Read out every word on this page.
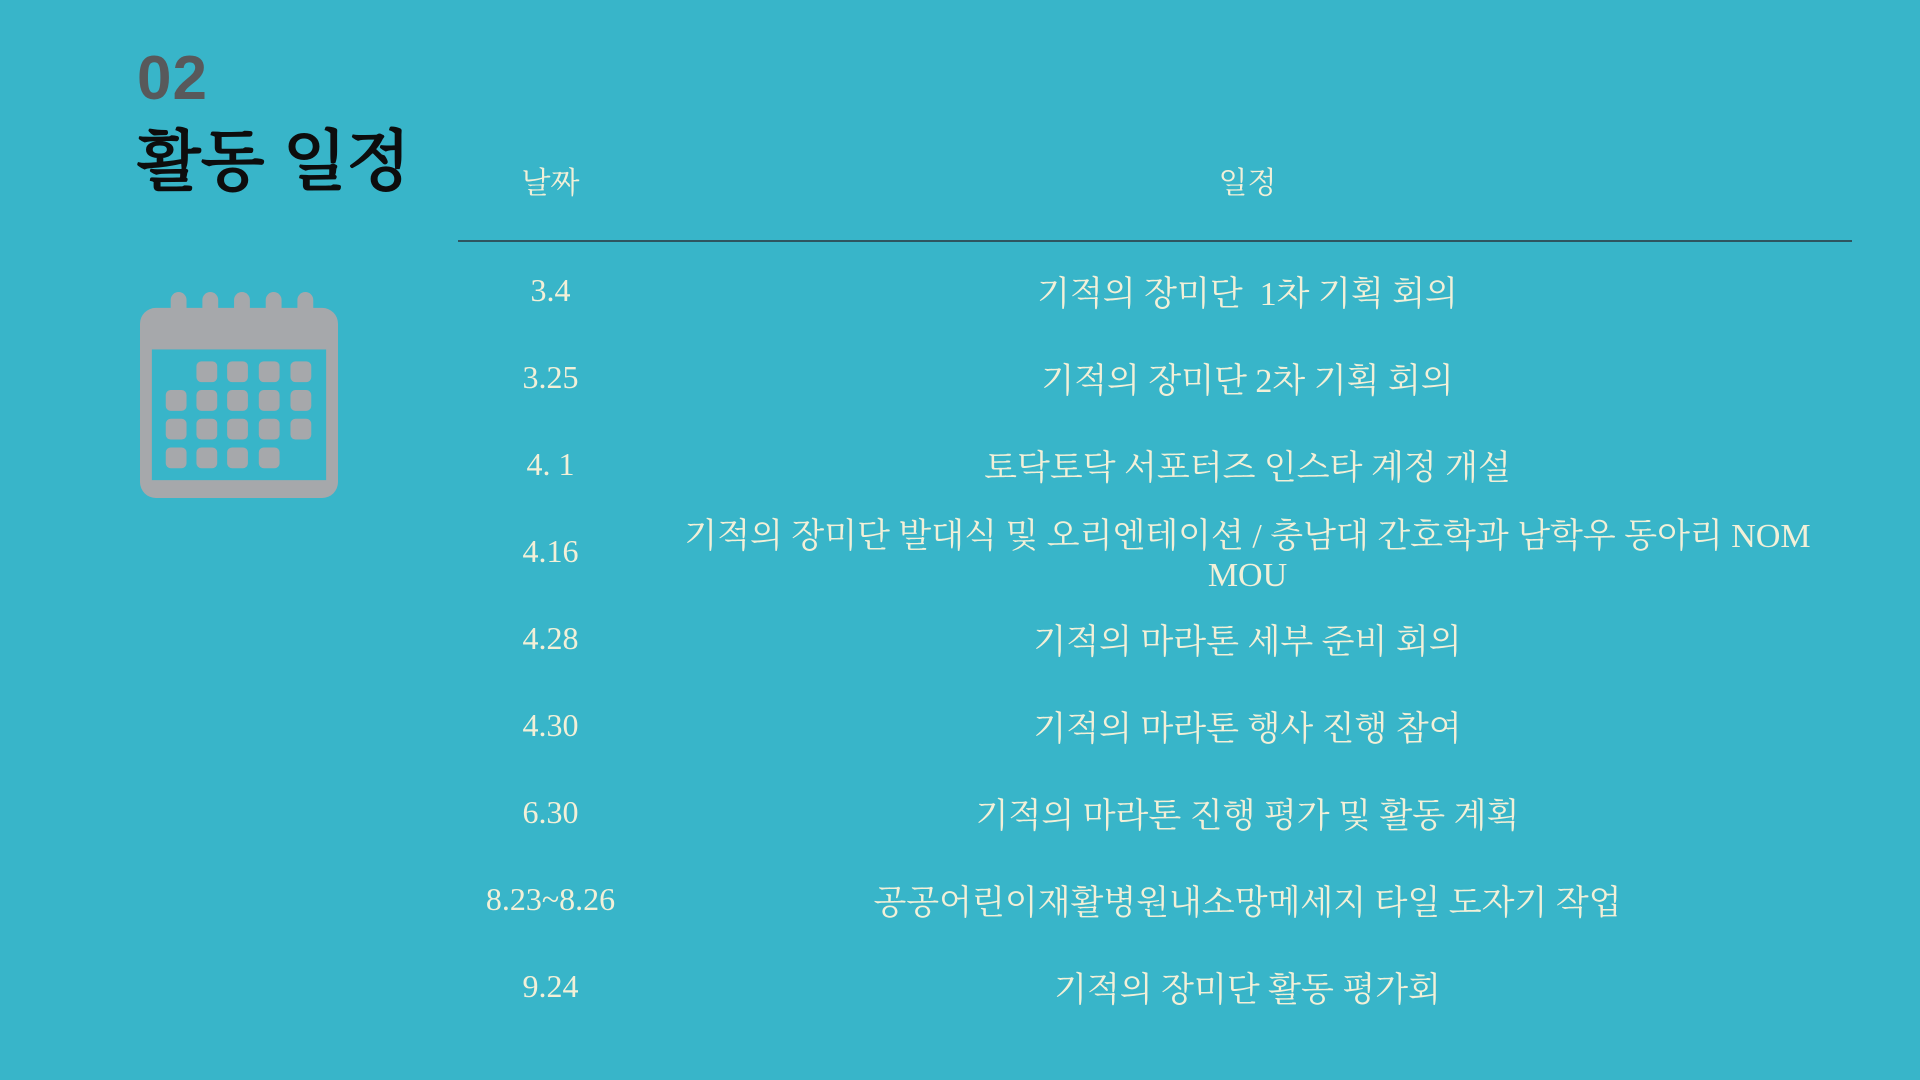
02
활동 일정	날짜	일정
3.4	기적의 장미단  1차 기획 회의
3.25	기적의 장미단 2차 기획 회의
4. 1	토닥토닥 서포터즈 인스타 계정 개설
4.16	기적의 장미단 발대식 및 오리엔테이션 / 충남대 간호학과 남학우 동아리 NOM MOU
4.28	기적의 마라톤 세부 준비 회의
4.30	기적의 마라톤 행사 진행 참여
6.30	기적의 마라톤 진행 평가 및 활동 계획
8.23~8.26	공공어린이재활병원내소망메세지 타일 도자기 작업
9.24	기적의 장미단 활동 평가회
